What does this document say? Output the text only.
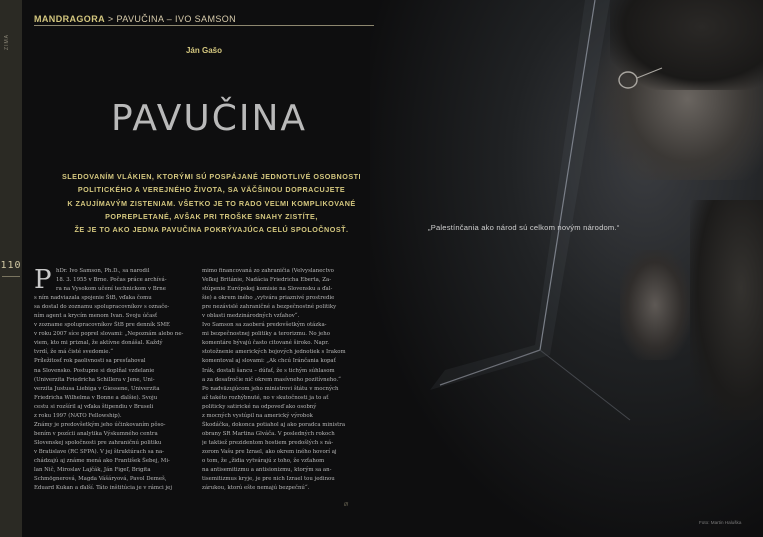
ZIMA
110
„Palestínčania ako národ sú celkom novým národom.“
Foto: Martin Haluška
MANDRAGORA > PAVUČINA – IVO SAMSON
Ján Gašo
PAVUČINA
SLEDOVANÍM VLÁKIEN, KTORÝMI SÚ POSPÁJANÉ JEDNOTLIVÉ OSOBNOSTI
POLITICKÉHO A VEREJNÉHO ŽIVOTA, SA VÄČŠINOU DOPRACUJETE
K ZAUJÍMAVÝM ZISTENIAM. VŠETKO JE TO RADO VEĽMI KOMPLIKOVANÉ
POPREPLETANÉ, AVŠAK PRI TROŠKE SNAHY ZISTÍTE,
ŽE JE TO AKO JEDNA PAVUČINA POKRÝVAJÚCA CELÚ SPOLOČNOSŤ.
P hDr. Ivo Samson, Ph.D., sa narodil
18. 3. 1955 v Brne. Počas práce archívá-
ra na Vysokom učení technickom v Brne
s ním nadviazala spojenie ŠtB, vďaka čomu
sa dostal do zoznamu spolupracovníkov s označe-
ním agent a krycím menom Ivan. Svoju účasť
v zozname spolupracovníkov ŠtB pre denník SME
v roku 2007 síce poprel slovami: „Nepoznám alebo ne-
viem, kto mi priznal, že aktívne donášal. Každý
tvrdí, že má čisté svedomie.“
Príležitosť rok paolivnosti sa presťahoval
na Slovensko. Postupne si doplňal vzdelanie
(Univerzita Friedricha Schillera v Jene, Uni-
verzita Justusa Liebiga v Giessene, Univerzita
Friedricha Wilhelma v Bonne a ďalšie). Svoju
cestu si rozšíril aj vďaka štipendiu v Bruseli
z roku 1997 (NATO Fellowship).
Známy je predovšetkým jeho účinkovaním pôso-
bením v pozícii analytika Výskumného centra
Slovenskej spoločnosti pre zahraničnú politiku
v Bratislave (RC SFPA). V jej štruktúrach sa na-
chádzajú aj známe mená ako František Šebej, Mi-
lan Nič, Miroslav Lajčák, Ján Figeľ, Brigita
Schmögnerová, Magda Vášáryová, Pavol Demeš,
Eduard Kukan a ďalší. Táto inštitúcia je v rámci jej
mimo financovaná zo zahraničia (Velvyslanectvo
Veľkej Británie, Nadácia Friedricha Eberta, Za-
stúpenie Európskej komisie na Slovensku a ďal-
šie) a okrem iného „vytvára priaznivé prostredie
pre nezávislé zahraničné a bezpečnostné politiky
v oblasti medzinárodných vzťahov“.
Ivo Samson sa zaoberá predovšetkým otázka-
mi bezpečnostnej politiky a terorizmu. No jeho
komentáre bývajú často citované široko. Napr.
stotožnenie amerických bojových jednotiek s Irakom
komentoval aj slovami: „Ak chcú Iránčania kopať
Irák, dostali šancu – dúfať, že s tichým súhlasom
a za desaťročie nič okrem masívneho pozitívneho.“
Po nadväzujúcom jeho ministrovi štátu v mocných
až takéto rozhýbnuté, no v skutočnosti ja to ať
politicky satirické na odpoveď ako osobný
z mocných vystúpil na americký výrobok
Škodáčka, dokonca potiahol aj ako poradca ministra
obrany SR Martina Glváča. V posledných rokoch
je taktiež prezidentom hostiem predošlých s ná-
zorom Vašu pre Izrael, ako okrem iného hovorí aj
o tom, že „židia vytvárajú z toho, že vzťahom
na antisemitizmu a antisionizmu, ktorým sa an-
tisemitizmus kryje, je pre nich Izrael tou jedinou
zárukou, ktorú ešte nemajú bezpečnú“.
///
